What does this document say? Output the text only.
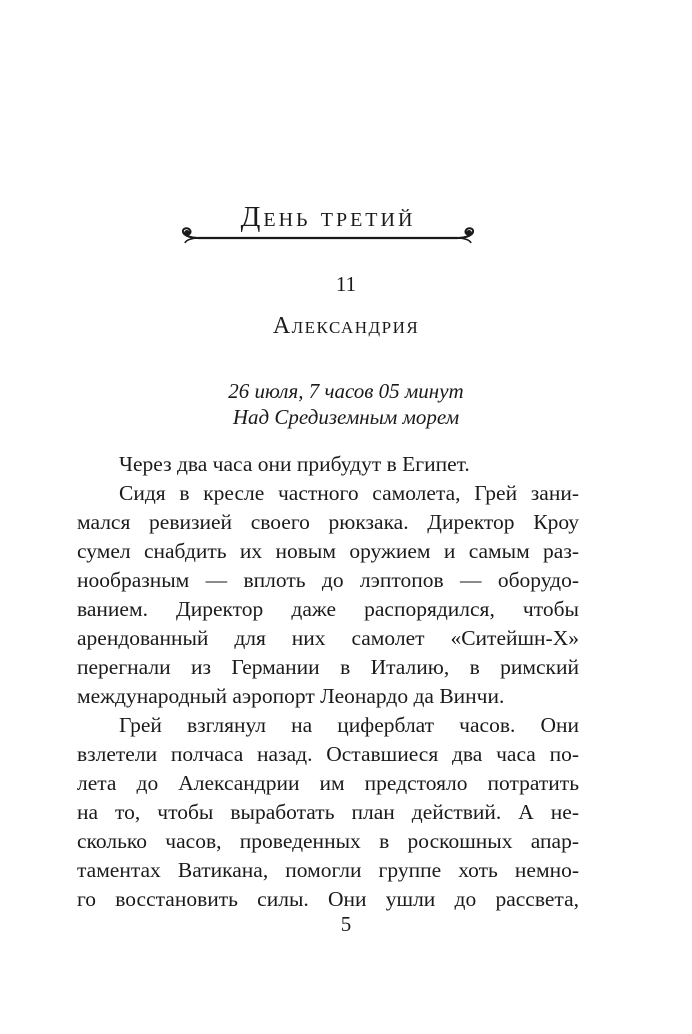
День третий
11
Александрия
26 июля, 7 часов 05 минут
Над Средиземным морем
Через два часа они прибудут в Египет.
Сидя в кресле частного самолета, Грей зани-
мался ревизией своего рюкзака. Директор Кроу
сумел снабдить их новым оружием и самым раз-
нообразным — вплоть до лэптопов — оборудо-
ванием. Директор даже распорядился, чтобы
арендованный для них самолет «Ситейшн-Х»
перегнали из Германии в Италию, в римский
международный аэропорт Леонардо да Винчи.
Грей взглянул на циферблат часов. Они
взлетели полчаса назад. Оставшиеся два часа по-
лета до Александрии им предстояло потратить
на то, чтобы выработать план действий. А не-
сколько часов, проведенных в роскошных апар-
таментах Ватикана, помогли группе хоть немно-
го восстановить силы. Они ушли до рассвета,
5
